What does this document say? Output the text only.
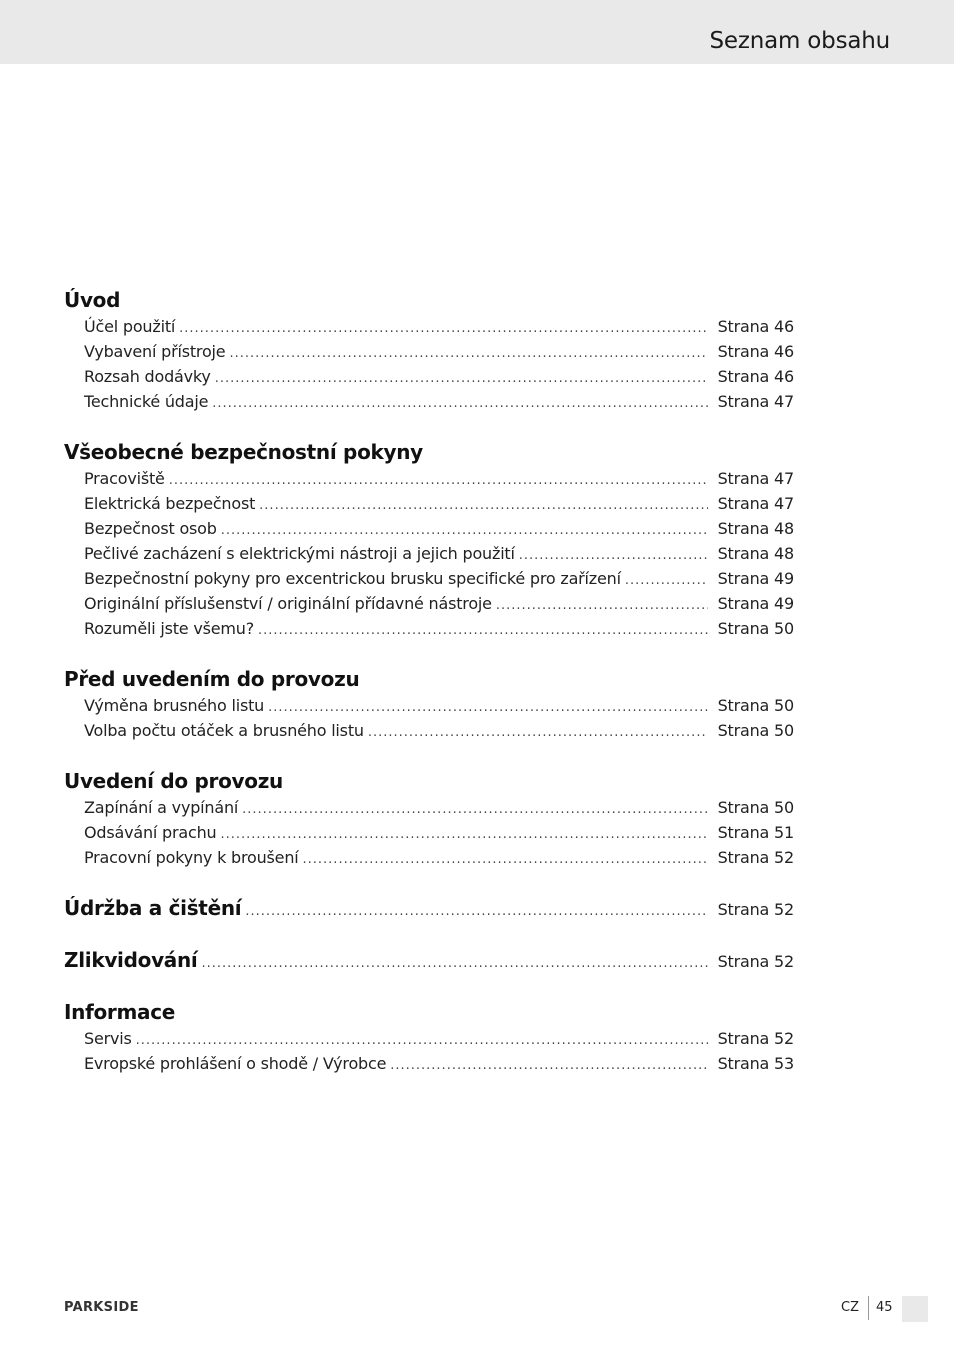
Seznam obsahu
Úvod
Účel použití .....	Strana 46
Vybavení přístroje .....	Strana 46
Rozsah dodávky .....	Strana 46
Technické údaje .....	Strana 47
Všeobecné bezpečnostní pokyny
Pracoviště .....	Strana 47
Elektrická bezpečnost .....	Strana 47
Bezpečnost osob .....	Strana 48
Pečlivé zacházení s elektrickými nástroji a jejich použití .....	Strana 48
Bezpečnostní pokyny pro excentrickou brusku specifické pro zařízení .....	Strana 49
Originální příslušenství / originální přídavné nástroje .....	Strana 49
Rozuměli jste všemu? .....	Strana 50
Před uvedením do provozu
Výměna brusného listu .....	Strana 50
Volba počtu otáček a brusného listu .....	Strana 50
Uvedení do provozu
Zapínání a vypínání .....	Strana 50
Odsávání prachu .....	Strana 51
Pracovní pokyny k broušení .....	Strana 52
Údržba a čištění .....	Strana 52
Zlikvidování .....	Strana 52
Informace
Servis .....	Strana 52
Evropské prohlášení o shodě / Výrobce .....	Strana 53
PARKSIDE	CZ 45
